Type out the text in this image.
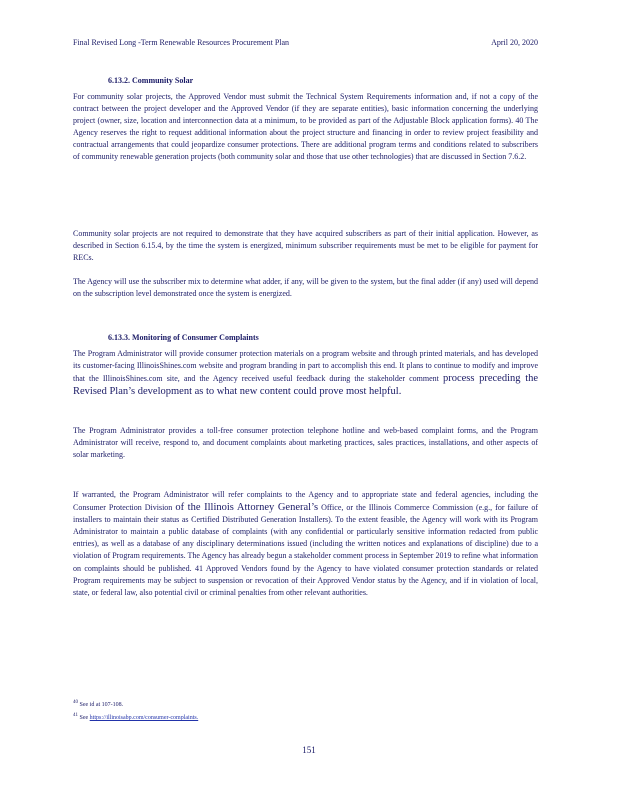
Final Revised Long -Term Renewable Resources Procurement Plan	April 20, 2020
6.13.2. Community Solar

For community solar projects, the Approved Vendor must submit the Technical System Requirements information and, if not a copy of the contract between the project developer and the Approved Vendor (if they are separate entities), basic information concerning the underlying project (owner, size, location and interconnection data at a minimum, to be provided as part of the Adjustable Block application forms). 40 The Agency reserves the right to request additional information about the project structure and financing in order to review project feasibility and contractual arrangements that could jeopardize consumer protections. There are additional program terms and conditions related to subscribers of community renewable generation projects (both community solar and those that use other technologies) that are discussed in Section 7.6.2.

Community solar projects are not required to demonstrate that they have acquired subscribers as part of their initial application. However, as described in Section 6.15.4, by the time the system is energized, minimum subscriber requirements must be met to be eligible for payment for RECs.

The Agency will use the subscriber mix to determine what adder, if any, will be given to the system, but the final adder (if any) used will depend on the subscription level demonstrated once the system is energized.

6.13.3. Monitoring of Consumer Complaints

The Program Administrator will provide consumer protection materials on a program website and through printed materials, and has developed its customer-facing IllinoisShines.com website and program branding in part to accomplish this end. It plans to continue to modify and improve that the IllinoisShines.com site, and the Agency received useful feedback during the stakeholder comment process preceding the Revised Plan’s development as to what new content could prove most helpful.

The Program Administrator provides a toll-free consumer protection telephone hotline and web-based complaint forms, and the Program Administrator will receive, respond to, and document complaints about marketing practices, sales practices, installations, and other aspects of solar marketing.

If warranted, the Program Administrator will refer complaints to the Agency and to appropriate state and federal agencies, including the Consumer Protection Division of the Illinois Attorney General’s Office, or the Illinois Commerce Commission (e.g., for failure of installers to maintain their status as Certified Distributed Generation Installers). To the extent feasible, the Agency will work with its Program Administrator to maintain a public database of complaints (with any confidential or particularly sensitive information redacted from public entries), as well as a database of any disciplinary determinations issued (including the written notices and explanations of discipline) due to a violation of Program requirements. The Agency has already begun a stakeholder comment process in September 2019 to refine what information on complaints should be published. 41 Approved Vendors found by the Agency to have violated consumer protection standards or related Program requirements may be subject to suspension or revocation of their Approved Vendor status by the Agency, and if in violation of local, state, or federal law, also potential civil or criminal penalties from other relevant authorities.

$^{40}$ See id at 107-108.
$^{41}$ See https://illinoisabp.com/consumer-complaints.
151
